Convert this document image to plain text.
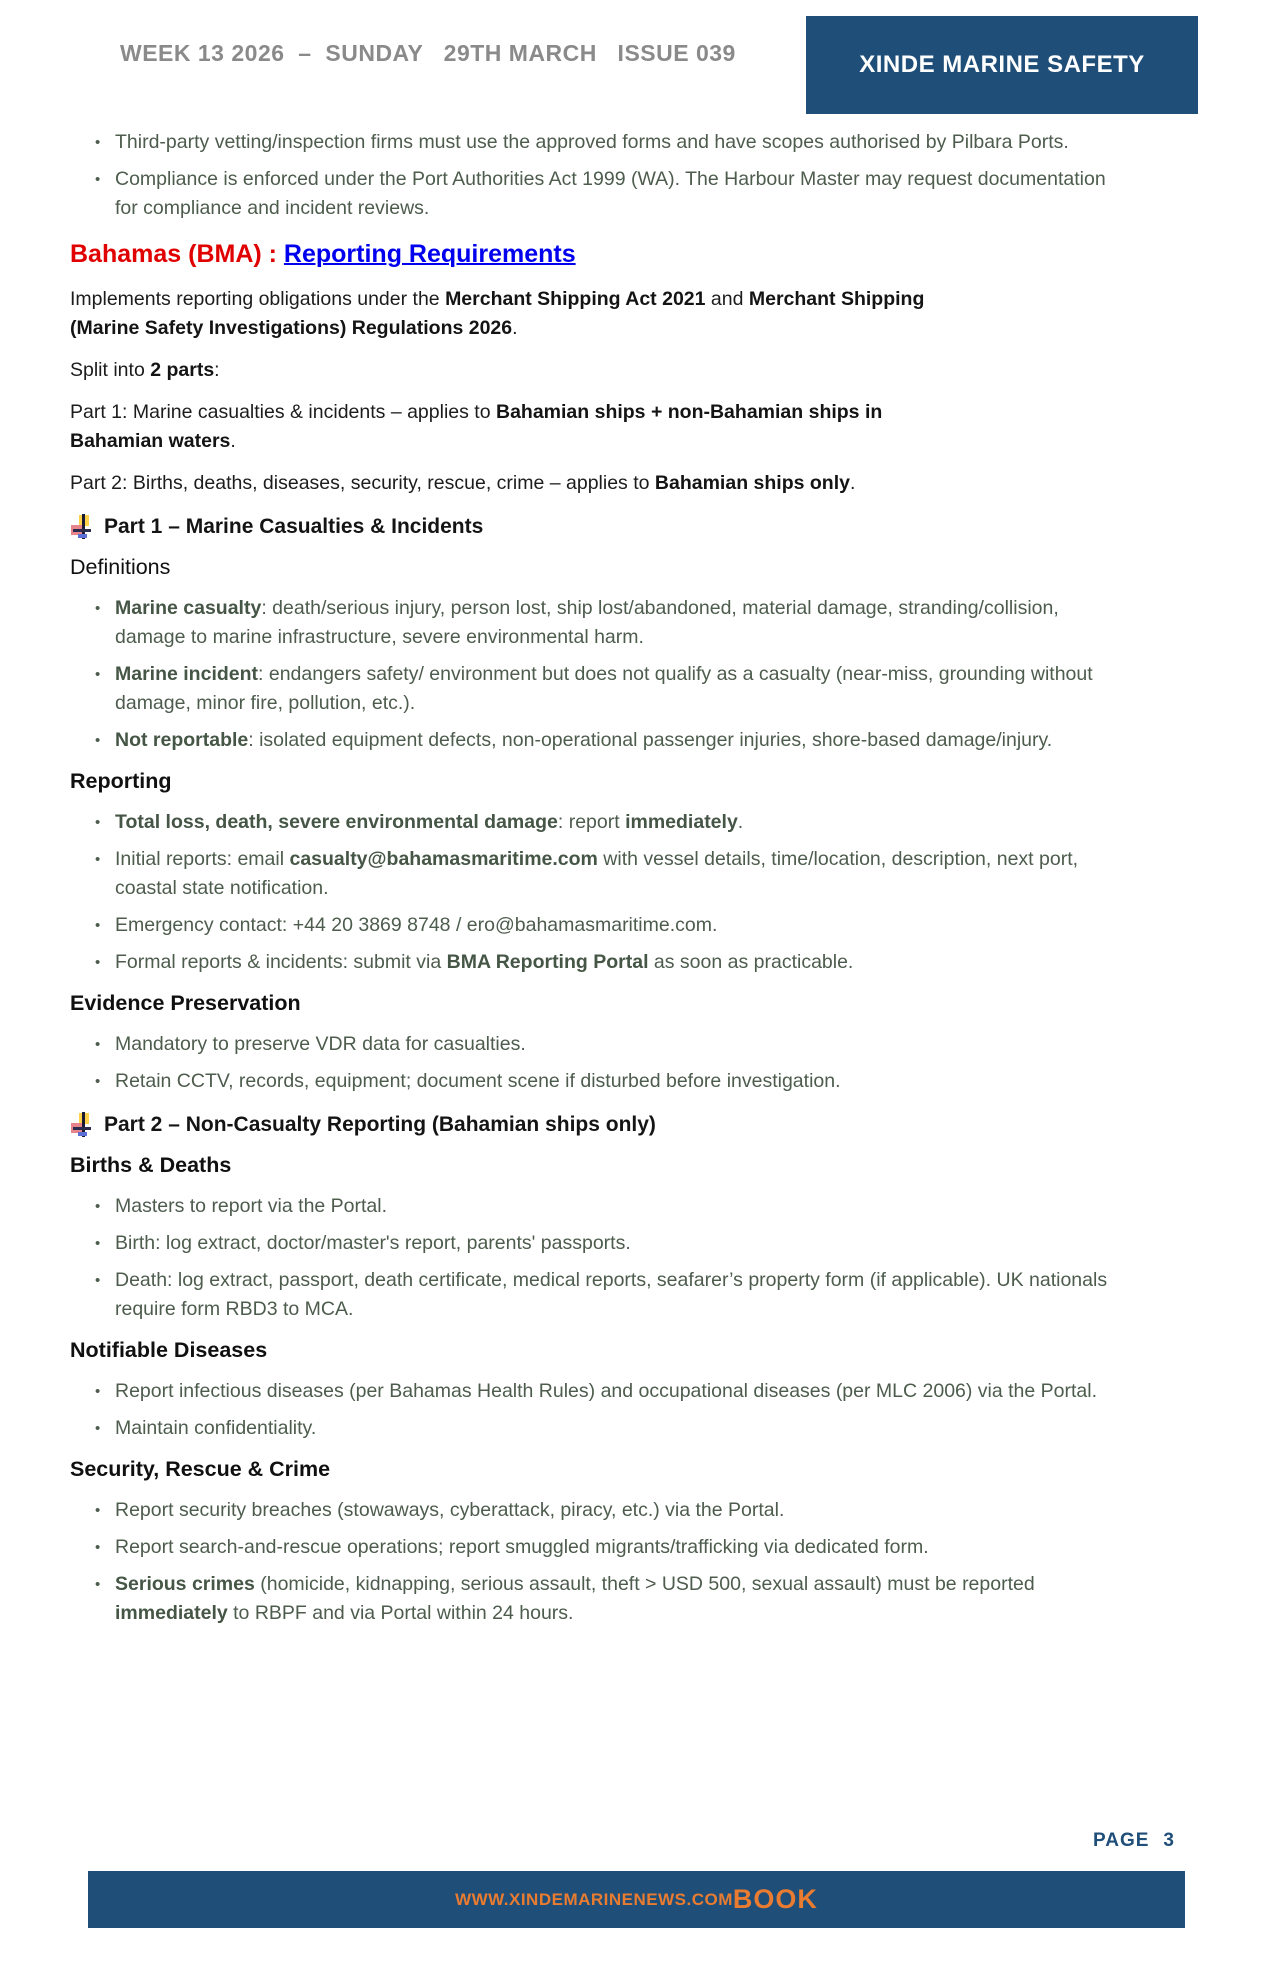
WEEK 13 2026  –  SUNDAY   29TH MARCH   ISSUE 039	XINDE MARINE SAFETY
• Third-party vetting/inspection firms must use the approved forms and have scopes authorised by Pilbara Ports.
• Compliance is enforced under the Port Authorities Act 1999 (WA). The Harbour Master may request documentation for compliance and incident reviews.
Bahamas (BMA) : Reporting Requirements
Implements reporting obligations under the Merchant Shipping Act 2021 and Merchant Shipping (Marine Safety Investigations) Regulations 2026.
Split into 2 parts:
Part 1: Marine casualties & incidents – applies to Bahamian ships + non-Bahamian ships in Bahamian waters.
Part 2: Births, deaths, diseases, security, rescue, crime – applies to Bahamian ships only.
Part 1 – Marine Casualties & Incidents
Definitions
• Marine casualty: death/serious injury, person lost, ship lost/abandoned, material damage, stranding/collision, damage to marine infrastructure, severe environmental harm.
• Marine incident: endangers safety/ environment but does not qualify as a casualty (near-miss, grounding without damage, minor fire, pollution, etc.).
• Not reportable: isolated equipment defects, non-operational passenger injuries, shore-based damage/injury.
Reporting
• Total loss, death, severe environmental damage: report immediately.
• Initial reports: email casualty@bahamasmaritime.com with vessel details, time/location, description, next port, coastal state notification.
• Emergency contact: +44 20 3869 8748 / ero@bahamasmaritime.com.
• Formal reports & incidents: submit via BMA Reporting Portal as soon as practicable.
Evidence Preservation
• Mandatory to preserve VDR data for casualties.
• Retain CCTV, records, equipment; document scene if disturbed before investigation.
Part 2 – Non-Casualty Reporting (Bahamian ships only)
Births & Deaths
• Masters to report via the Portal.
• Birth: log extract, doctor/master's report, parents' passports.
• Death: log extract, passport, death certificate, medical reports, seafarer’s property form (if applicable). UK nationals require form RBD3 to MCA.
Notifiable Diseases
• Report infectious diseases (per Bahamas Health Rules) and occupational diseases (per MLC 2006) via the Portal.
• Maintain confidentiality.
Security, Rescue & Crime
• Report security breaches (stowaways, cyberattack, piracy, etc.) via the Portal.
• Report search-and-rescue operations; report smuggled migrants/trafficking via dedicated form.
• Serious crimes (homicide, kidnapping, serious assault, theft > USD 500, sexual assault) must be reported immediately to RBPF and via Portal within 24 hours.
PAGE 3
WWW.XINDEMARINENEWS.COM BOOK
